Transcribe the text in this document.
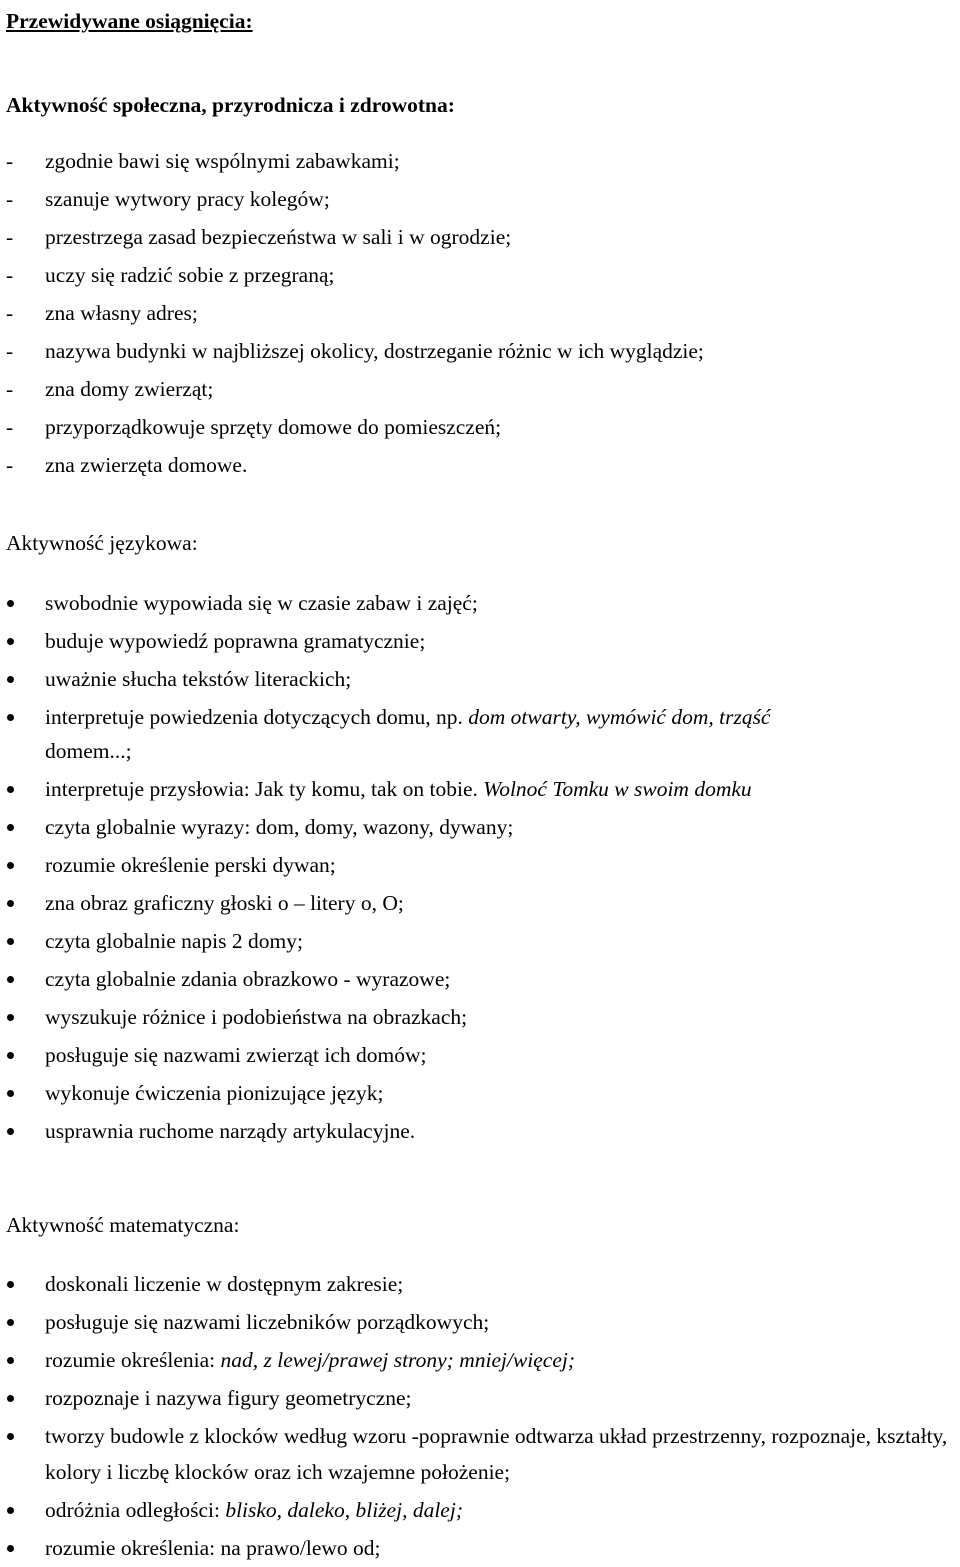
Przewidywane osiągnięcia:
Aktywność społeczna, przyrodnicza i zdrowotna:
- zgodnie bawi się wspólnymi zabawkami;
- szanuje wytwory pracy kolegów;
- przestrzega zasad bezpieczeństwa w sali i w ogrodzie;
- uczy się radzić sobie z przegraną;
- zna własny adres;
- nazywa budynki w najbliższej okolicy, dostrzeganie różnic w ich wyglądzie;
- zna domy zwierząt;
- przyporządkowuje sprzęty domowe do pomieszczeń;
- zna zwierzęta domowe.
Aktywność językowa:
swobodnie wypowiada się w czasie zabaw i zajęć;
buduje wypowiedź poprawna gramatycznie;
uważnie słucha tekstów literackich;
interpretuje powiedzenia dotyczących domu, np. dom otwarty, wymówić dom, trząść
domem...;
interpretuje przysłowia: Jak ty komu, tak on tobie. Wolnoć Tomku w swoim domku
czyta globalnie wyrazy: dom, domy, wazony, dywany;
rozumie określenie perski dywan;
zna obraz graficzny głoski o – litery o, O;
czyta globalnie napis 2 domy;
czyta globalnie zdania obrazkowo - wyrazowe;
wyszukuje różnice i podobieństwa na obrazkach;
posługuje się nazwami zwierząt ich domów;
wykonuje ćwiczenia pionizujące język;
usprawnia ruchome narządy artykulacyjne.
Aktywność matematyczna:
doskonali liczenie w dostępnym zakresie;
posługuje się nazwami liczebników porządkowych;
rozumie określenia: nad, z lewej/prawej strony; mniej/więcej;
rozpoznaje i nazywa figury geometryczne;
tworzy budowle z klocków według wzoru -poprawnie odtwarza układ przestrzenny, rozpoznaje, kształty, kolory i liczbę klocków oraz ich wzajemne położenie;
odróżnia odległości: blisko, daleko, bliżej, dalej;
rozumie określenia: na prawo/lewo od;
